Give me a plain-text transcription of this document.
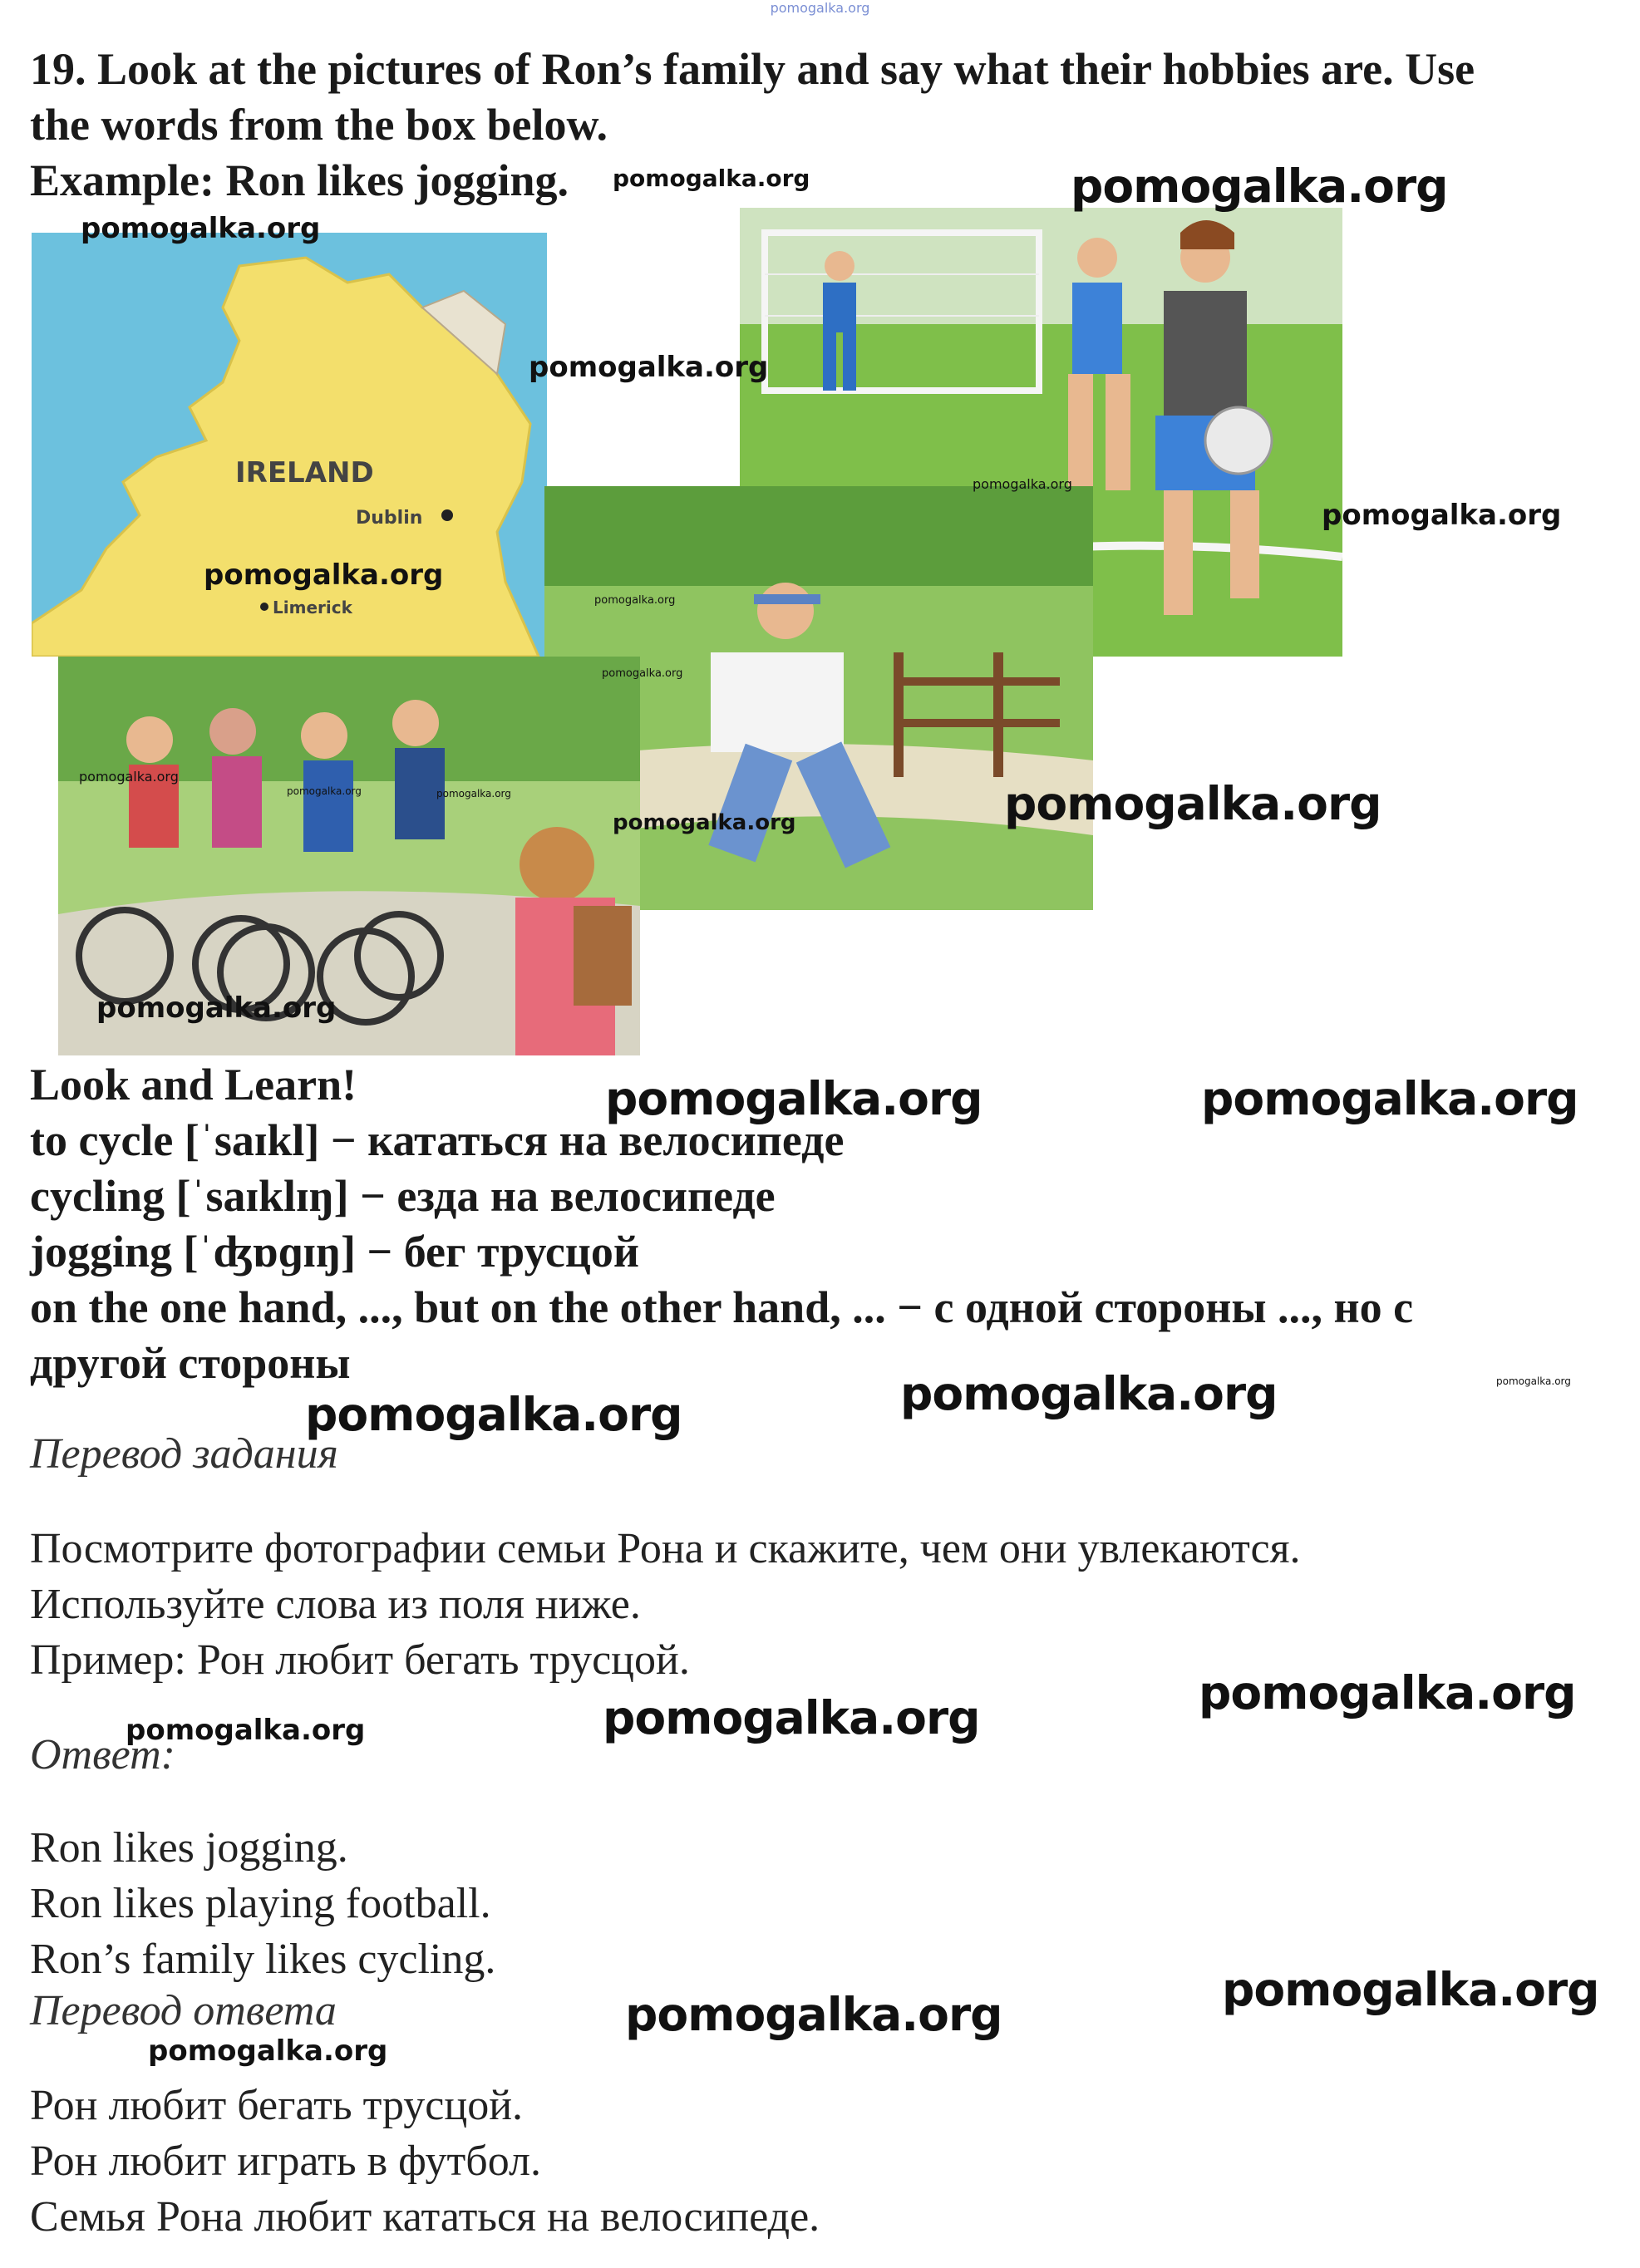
pomogalka.org
19. Look at the pictures of Ron’s family and say what their hobbies are. Use
the words from the box below.
Example: Ron likes jogging.
IRELAND
Dublin
Limerick
Look and Learn!
to cycle [ˈsaɪkl] − кататься на велосипеде
cycling [ˈsaɪklɪŋ] − езда на велосипеде
jogging [ˈʤɒɡɪŋ] − бег трусцой
on the one hand, ..., but on the other hand, ... − с одной стороны ..., но с
другой стороны
Перевод задания
Посмотрите фотографии семьи Рона и скажите, чем они увлекаются.
Используйте слова из поля ниже.
Пример: Рон любит бегать трусцой.
Ответ:
Ron likes jogging.
Ron likes playing football.
Ron’s family likes cycling.
Перевод ответа
Рон любит бегать трусцой.
Рон любит играть в футбол.
Семья Рона любит кататься на велосипеде.
pomogalka.org	pomogalka.org
pomogalka.org
pomogalka.org
pomogalka.org
pomogalka.org
pomogalka.org
pomogalka.org
pomogalka.org
pomogalka.org
pomogalka.org	pomogalka.org
pomogalka.org	pomogalka.org
pomogalka.org
pomogalka.org	pomogalka.org
pomogalka.org
pomogalka.org
pomogalka.org
pomogalka.org
pomogalka.org	pomogalka.org
pomogalka.org
pomogalka.org
pomogalka.org
